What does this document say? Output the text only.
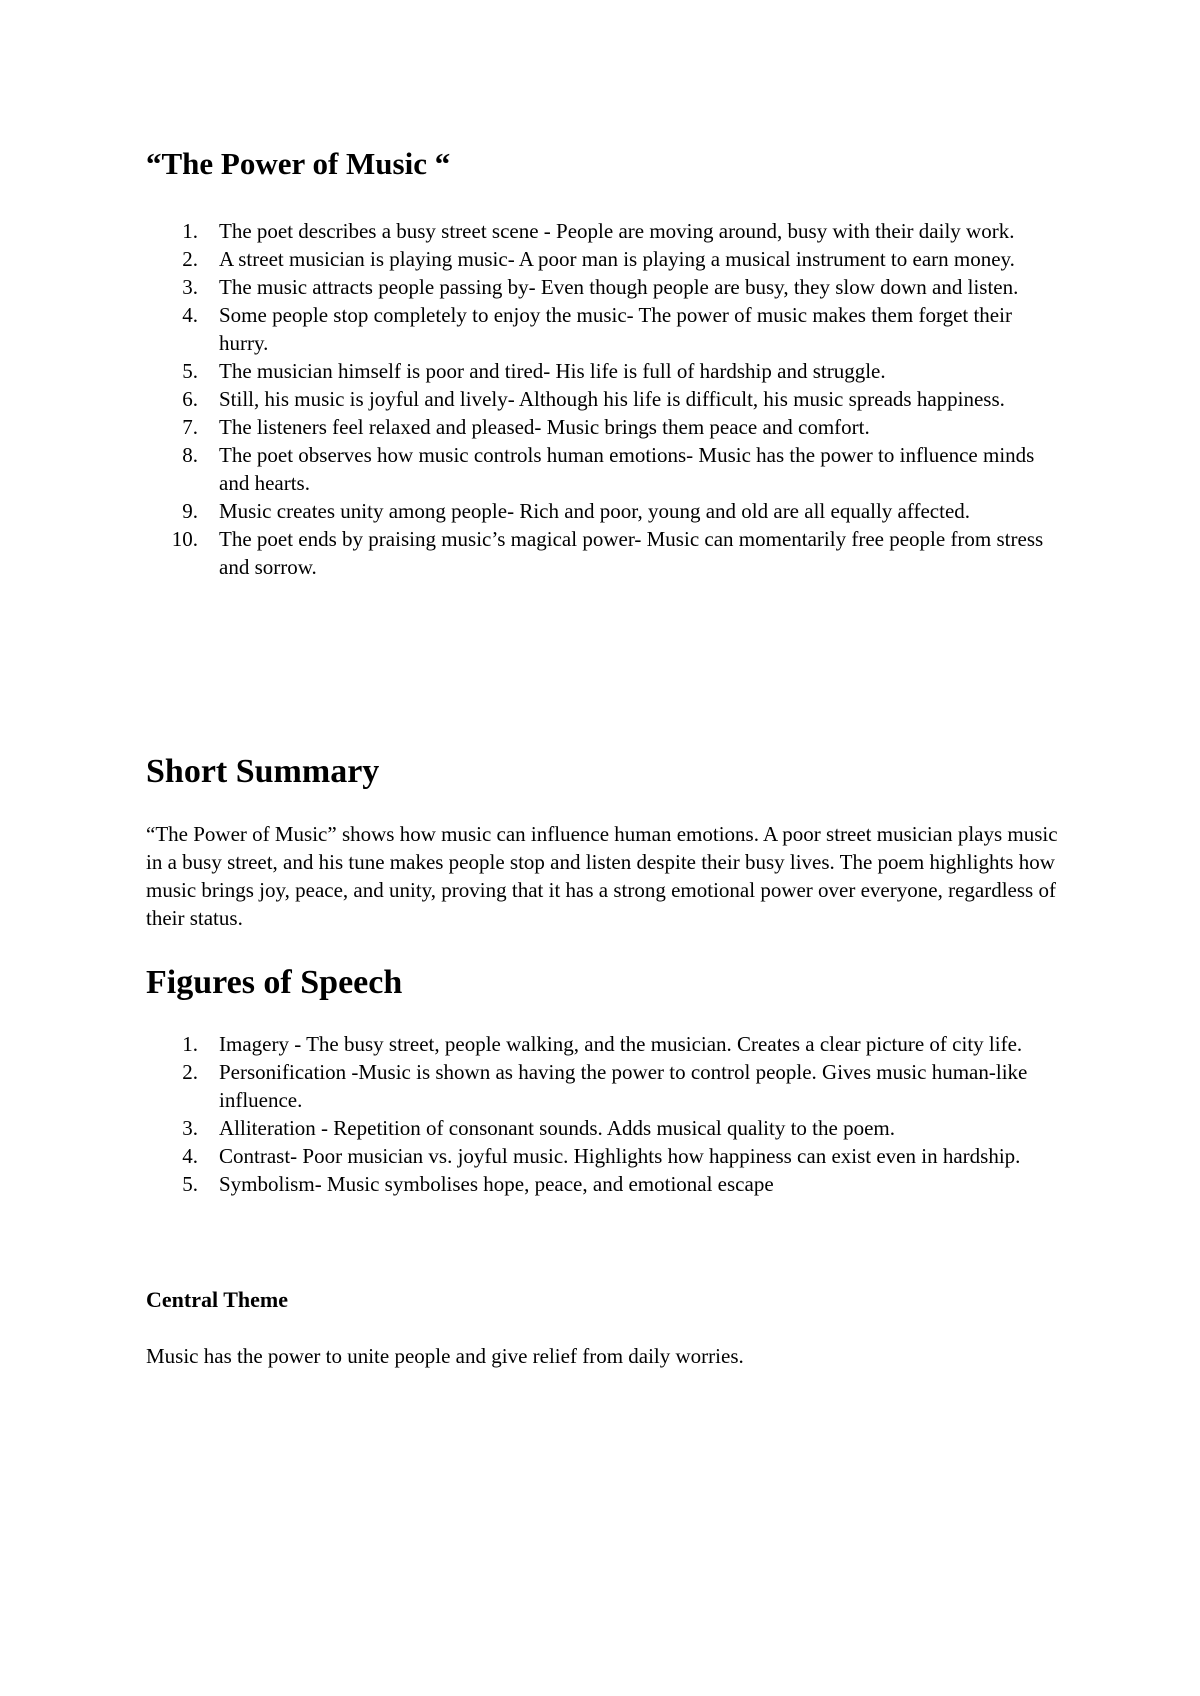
“The Power of Music “
1. The poet describes a busy street scene - People are moving around, busy with their daily work.
2. A street musician is playing music- A poor man is playing a musical instrument to earn money.
3. The music attracts people passing by- Even though people are busy, they slow down and listen.
4. Some people stop completely to enjoy the music- The power of music makes them forget their hurry.
5. The musician himself is poor and tired- His life is full of hardship and struggle.
6. Still, his music is joyful and lively- Although his life is difficult, his music spreads happiness.
7. The listeners feel relaxed and pleased- Music brings them peace and comfort.
8. The poet observes how music controls human emotions- Music has the power to influence minds and hearts.
9. Music creates unity among people- Rich and poor, young and old are all equally affected.
10. The poet ends by praising music’s magical power- Music can momentarily free people from stress and sorrow.
Short Summary

“The Power of Music” shows how music can influence human emotions. A poor street musician plays music in a busy street, and his tune makes people stop and listen despite their busy lives. The poem highlights how music brings joy, peace, and unity, proving that it has a strong emotional power over everyone, regardless of their status.

Figures of Speech
1. Imagery - The busy street, people walking, and the musician. Creates a clear picture of city life.
2. Personification -Music is shown as having the power to control people. Gives music human-like influence.
3. Alliteration - Repetition of consonant sounds. Adds musical quality to the poem.
4. Contrast- Poor musician vs. joyful music. Highlights how happiness can exist even in hardship.
5. Symbolism- Music symbolises hope, peace, and emotional escape
Central Theme

Music has the power to unite people and give relief from daily worries.
